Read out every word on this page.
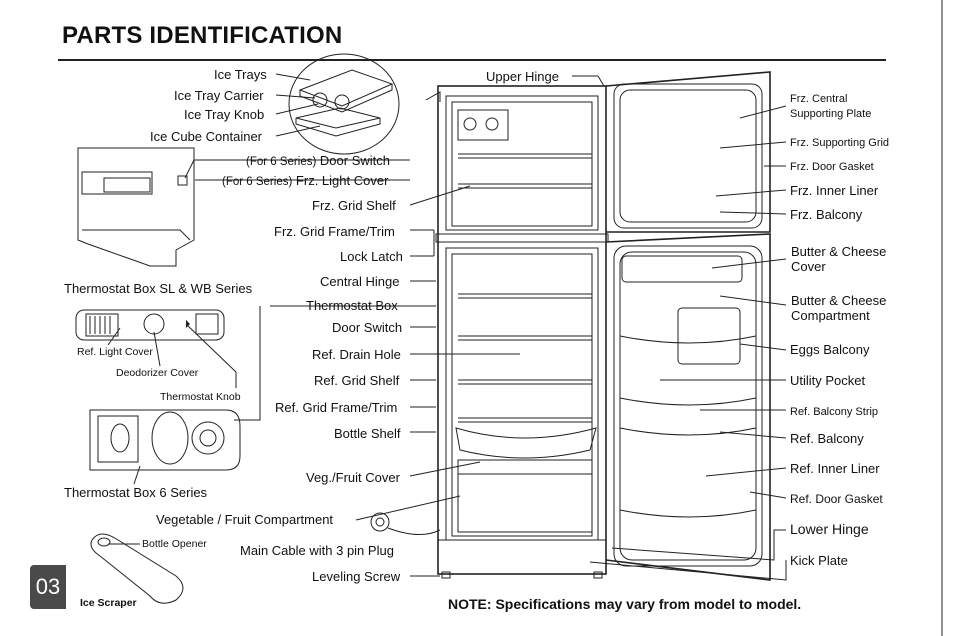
PARTS IDENTIFICATION
Ice Trays
Ice Tray Carrier
Ice Tray Knob
Ice Cube Container
(For 6 Series) Door Switch
(For 6 Series) Frz. Light Cover
Frz. Grid Shelf
Frz. Grid Frame/Trim
Lock Latch
Central Hinge
Thermostat Box
Door Switch
Ref. Drain Hole
Ref. Grid Shelf
Ref. Grid Frame/Trim
Bottle Shelf
Veg./Fruit Cover
Vegetable / Fruit Compartment
Main Cable with 3 pin Plug
Leveling Screw
Upper Hinge
Thermostat Box SL & WB Series
Ref. Light Cover
Deodorizer Cover
Thermostat Knob
Thermostat Box 6 Series
Bottle Opener
Ice Scraper
Frz. Central
Supporting Plate
Frz. Supporting Grid
Frz. Door Gasket
Frz. Inner Liner
Frz. Balcony
Butter & Cheese
Cover
Butter & Cheese
Compartment
Eggs Balcony
Utility Pocket
Ref. Balcony Strip
Ref. Balcony
Ref. Inner Liner
Ref. Door Gasket
Lower Hinge
Kick Plate
03
NOTE: Specifications may vary from model to model.
